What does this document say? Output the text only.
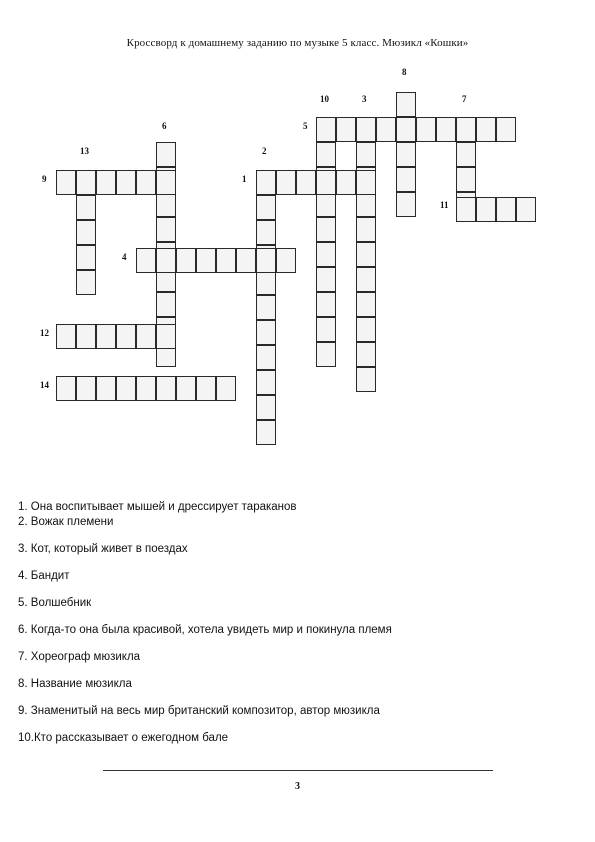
Кроссворд к домашнему заданию по музыке 5 класс. Мюзикл «Кошки»
8
10	3	7
5
6
13	2
9	1
11
4
12
14
1. Она воспитывает мышей и дрессирует тараканов
2. Вожак племени
3. Кот, который живет в поездах
4. Бандит
5. Волшебник
6. Когда-то она была красивой, хотела увидеть мир и покинула племя
7. Хореограф мюзикла
8. Название мюзикла
9. Знаменитый на весь мир британский композитор, автор мюзикла
10.Кто рассказывает о ежегодном бале
3
